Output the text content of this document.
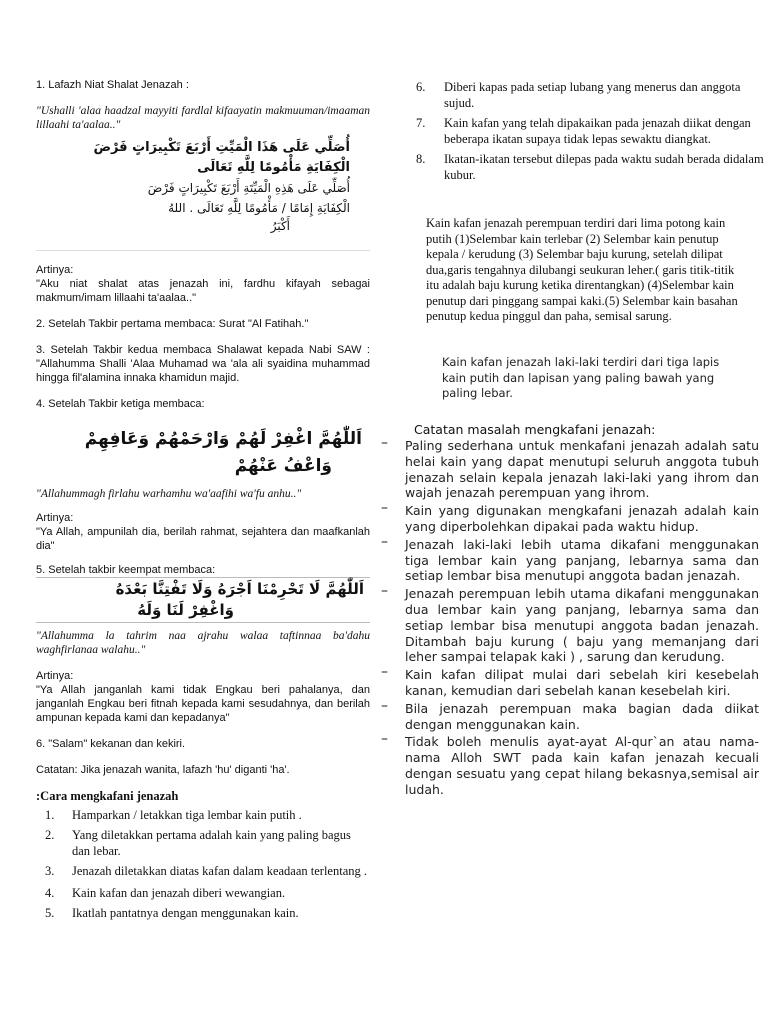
1. Lafazh Niat Shalat Jenazah :

"Ushalli 'alaa haadzal mayyiti fardlal kifaayatin makmuuman/imaaman lillaahi ta'aalaa.."

أُصَلِّي عَلَى هَذَا الْمَيِّتِ أَرْبَعَ تَكْبِيرَاتٍ فَرْضَ
الْكِفَايَةِ مَأْمُومًا لِلَّهِ تَعَالَى
أُصَلِّي عَلَى هَذِهِ الْمَيِّتَةِ أَرْبَعَ تَكْبِيرَاتٍ فَرْضَ
الْكِفَايَةِ إِمَامًا / مَأْمُومًا لِلَّهِ تَعَالَى . اللهُ
أَكْبَرُ

Artinya:

"Aku niat shalat atas jenazah ini, fardhu kifayah sebagai makmum/imam lillaahi ta'aalaa.."

2. Setelah Takbir pertama membaca: Surat "Al Fatihah."

3. Setelah Takbir kedua membaca Shalawat kepada Nabi SAW : "Allahumma Shalli 'Alaa Muhamad wa 'ala ali syaidina muhammad hingga fil'alamina innaka khamidun majid.

4. Setelah Takbir ketiga membaca:

اَللّٰهُمَّ اغْفِرْ لَهُمْ وَارْحَمْهُمْ وَعَافِهِمْ
وَاعْفُ عَنْهُمْ

"Allahummagh firlahu warhamhu wa'aafihi wa'fu anhu.."

Artinya:

"Ya Allah, ampunilah dia, berilah rahmat, sejahtera dan maafkanlah dia"

5. Setelah takbir keempat membaca:

اَللّٰهُمَّ لَا تَحْرِمْنَا اَجْرَهُ وَلَا تَفْتِنَّا بَعْدَهُ
وَاغْفِرْ لَنَا وَلَهُ

"Allahumma la tahrim naa ajrahu walaa taftinnaa ba'dahu waghfirlanaa walahu.."

Artinya:

"Ya Allah janganlah kami tidak Engkau beri pahalanya, dan janganlah Engkau beri fitnah kepada kami sesudahnya, dan berilah ampunan kepada kami dan kepadanya"

6. "Salam" kekanan dan kekiri.

Catatan: Jika jenazah wanita, lafazh 'hu' diganti 'ha'.

:Cara mengkafani jenazah

1. Hamparkan / letakkan tiga lembar kain putih .
2. Yang diletakkan pertama adalah kain yang paling bagus dan lebar.
3. Jenazah diletakkan diatas kafan dalam keadaan terlentang .
4. Kain kafan dan jenazah diberi wewangian.
5. Ikatlah pantatnya dengan menggunakan kain.
6. Diberi kapas pada setiap lubang yang menerus dan anggota sujud.
7. Kain kafan yang telah dipakaikan pada jenazah diikat dengan beberapa ikatan supaya tidak lepas sewaktu diangkat.
8. Ikatan-ikatan tersebut dilepas pada waktu sudah berada didalam kubur.

Kain kafan jenazah perempuan terdiri dari lima potong kain putih (1)Selembar kain terlebar (2) Selembar kain penutup kepala / kerudung (3) Selembar baju kurung, setelah dilipat dua,garis tengahnya dilubangi seukuran leher.( garis titik-titik itu adalah baju kurung ketika direntangkan) (4)Selembar kain penutup dari pinggang sampai kaki.(5) Selembar kain basahan penutup kedua pinggul dan paha, semisal sarung.

Kain kafan jenazah laki-laki terdiri dari tiga lapis kain putih dan lapisan yang paling bawah yang paling lebar.

Catatan masalah mengkafani jenazah:

– Paling sederhana untuk menkafani jenazah adalah satu helai kain yang dapat menutupi seluruh anggota tubuh jenazah selain kepala jenazah laki-laki yang ihrom dan wajah jenazah perempuan yang ihrom.
– Kain yang digunakan mengkafani jenazah adalah kain yang diperbolehkan dipakai pada waktu hidup.
– Jenazah laki-laki lebih utama dikafani menggunakan tiga lembar kain yang panjang, lebarnya sama dan setiap lembar bisa menutupi anggota badan jenazah.
– Jenazah perempuan lebih utama dikafani menggunakan dua lembar kain yang panjang, lebarnya sama dan setiap lembar bisa menutupi anggota badan jenazah. Ditambah baju kurung ( baju yang memanjang dari leher sampai telapak kaki ) , sarung dan kerudung.
– Kain kafan dilipat mulai dari sebelah kiri kesebelah kanan, kemudian dari sebelah kanan kesebelah kiri.
– Bila jenazah perempuan maka bagian dada diikat dengan menggunakan kain.
– Tidak boleh menulis ayat-ayat Al-qur`an atau nama-nama Alloh SWT pada kain kafan jenazah kecuali dengan sesuatu yang cepat hilang bekasnya,semisal air ludah.
